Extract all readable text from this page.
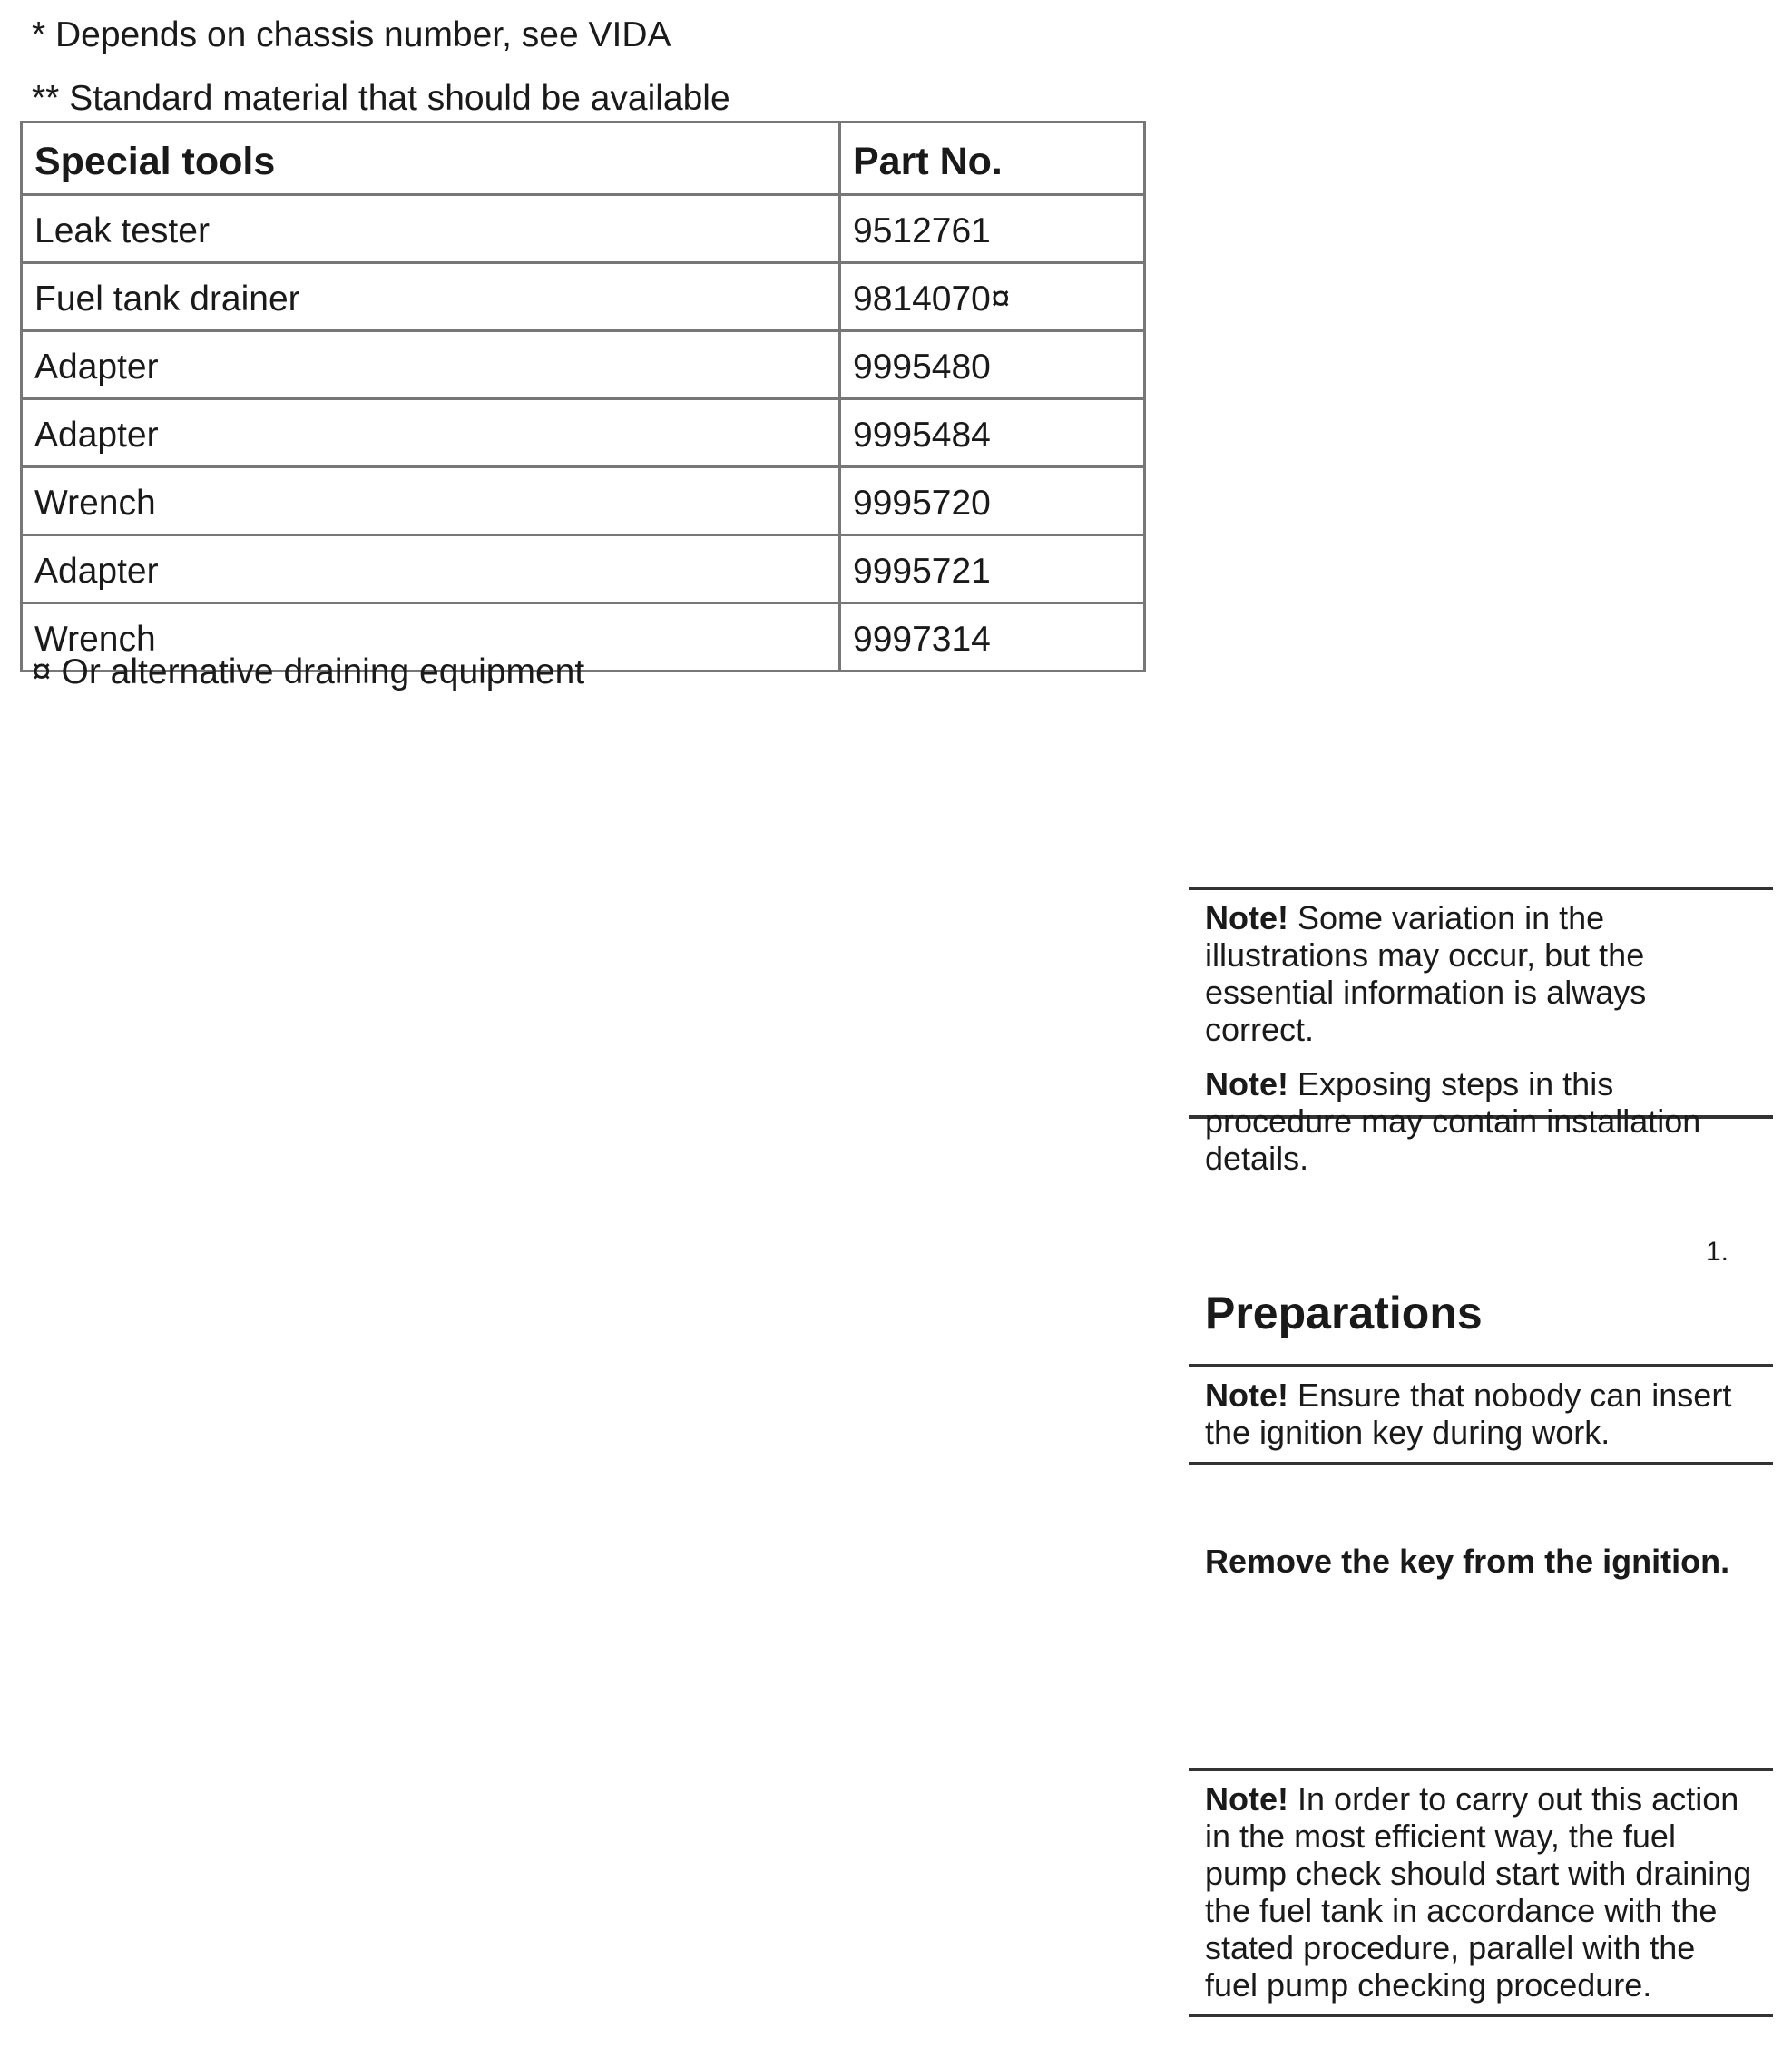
* Depends on chassis number, see VIDA
** Standard material that should be available
Special tools	Part No.
Leak tester	9512761
Fuel tank drainer	9814070¤
Adapter	9995480
Adapter	9995484
Wrench	9995720
Adapter	9995721
Wrench	9997314
¤ Or alternative draining equipment

Note! Some variation in the illustrations may occur, but the essential information is always correct.

Note! Exposing steps in this procedure may contain installation details.

1.
Preparations

Note! Ensure that nobody can insert the ignition key during work.

Remove the key from the ignition.

Note! In order to carry out this action in the most efficient way, the fuel pump check should start with draining the fuel tank in accordance with the stated procedure, parallel with the fuel pump checking procedure.
